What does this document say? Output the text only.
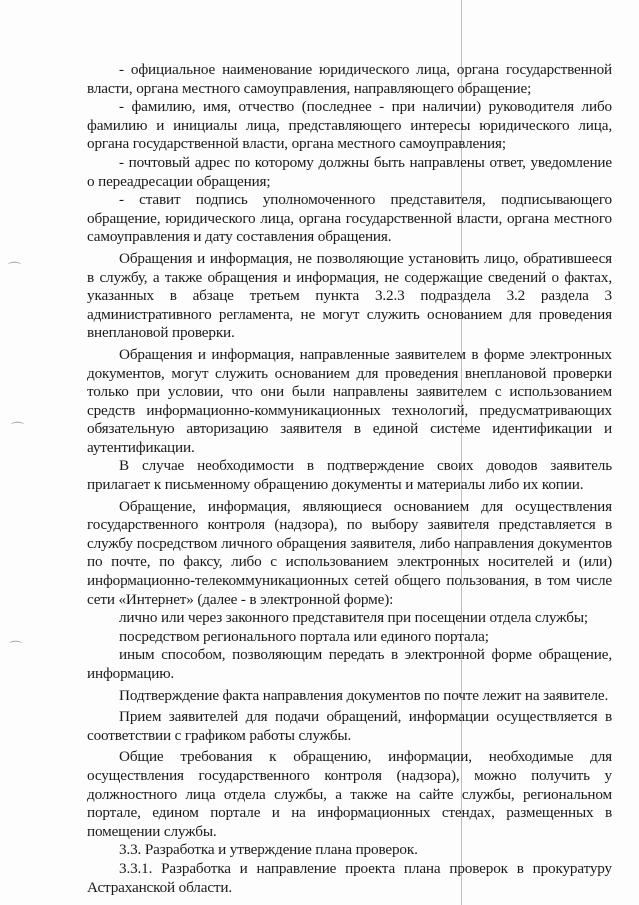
⌒
⌒
⌒

- официальное наименование юридического лица, органа государственной власти, органа местного самоуправления, направляющего обращение;

- фамилию, имя, отчество (последнее - при наличии) руководителя либо фамилию и инициалы лица, представляющего интересы юридического лица, органа государственной власти, органа местного самоуправления;

- почтовый адрес по которому должны быть направлены ответ, уведомление о переадресации обращения;

- ставит подпись уполномоченного представителя, подписывающего обращение, юридического лица, органа государственной власти, органа местного самоуправления и дату составления обращения.

Обращения и информация, не позволяющие установить лицо, обратившееся в службу, а также обращения и информация, не содержащие сведений о фактах, указанных в абзаце третьем пункта 3.2.3 подраздела 3.2 раздела 3 административного регламента, не могут служить основанием для проведения внеплановой проверки.

Обращения и информация, направленные заявителем в форме электронных документов, могут служить основанием для проведения внеплановой проверки только при условии, что они были направлены заявителем с использованием средств информационно-коммуникационных технологий, предусматривающих обязательную авторизацию заявителя в единой системе идентификации и аутентификации.

В случае необходимости в подтверждение своих доводов заявитель прилагает к письменному обращению документы и материалы либо их копии.

Обращение, информация, являющиеся основанием для осуществления государственного контроля (надзора), по выбору заявителя представляется в службу посредством личного обращения заявителя, либо направления документов по почте, по факсу, либо с использованием электронных носителей и (или) информационно-телекоммуникационных сетей общего пользования, в том числе сети «Интернет» (далее - в электронной форме):

лично или через законного представителя при посещении отдела службы;

посредством регионального портала или единого портала;

иным способом, позволяющим передать в электронной форме обращение, информацию.

Подтверждение факта направления документов по почте лежит на заявителе.

Прием заявителей для подачи обращений, информации осуществляется в соответствии с графиком работы службы.

Общие требования к обращению, информации, необходимые для осуществления государственного контроля (надзора), можно получить у должностного лица отдела службы, а также на сайте службы, региональном портале, едином портале и на информационных стендах, размещенных в помещении службы.

3.3. Разработка и утверждение плана проверок.

3.3.1. Разработка и направление проекта плана проверок в прокуратуру Астраханской области.
